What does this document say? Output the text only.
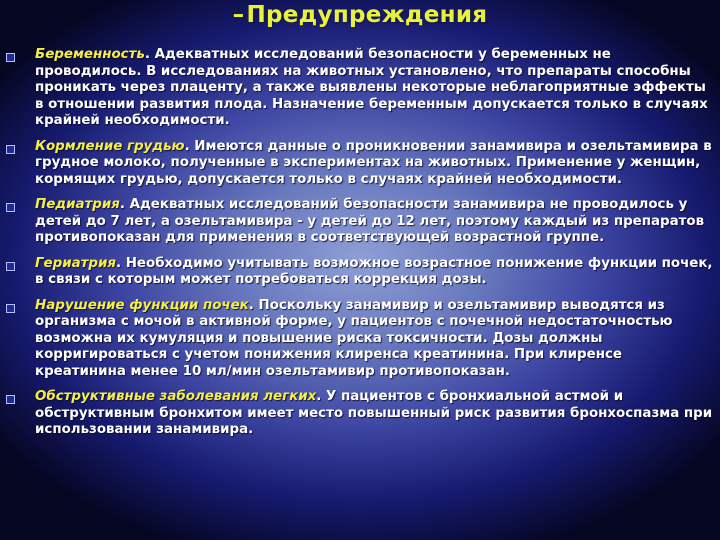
–Предупреждения
Беременность. Адекватных исследований безопасности у беременных не проводилось. В исследованиях на животных установлено, что препараты способны проникать через плаценту, а также выявлены некоторые неблагоприятные эффекты в отношении развития плода. Назначение беременным допускается только в случаях крайней необходимости.
Кормление грудью. Имеются данные о проникновении занамивира и озельтамивира в грудное молоко, полученные в экспериментах на животных. Применение у женщин, кормящих грудью, допускается только в случаях крайней необходимости.
Педиатрия. Адекватных исследований безопасности занамивира не проводилось у детей до 7 лет, а озельтамивира - у детей до 12 лет, поэтому каждый из препаратов противопоказан для применения в соответствующей возрастной группе.
Гериатрия. Необходимо учитывать возможное возрастное понижение функции почек, в связи с которым может потребоваться коррекция дозы.
Нарушение функции почек. Поскольку занамивир и озельтамивир выводятся из организма с мочой в активной форме, у пациентов с почечной недостаточностью возможна их кумуляция и повышение риска токсичности. Дозы должны корригироваться с учетом понижения клиренса креатинина. При клиренсе креатинина менее 10 мл/мин озельтамивир противопоказан.
Обструктивные заболевания легких. У пациентов с бронхиальной астмой и обструктивным бронхитом имеет место повышенный риск развития бронхоспазма при использовании занамивира.
